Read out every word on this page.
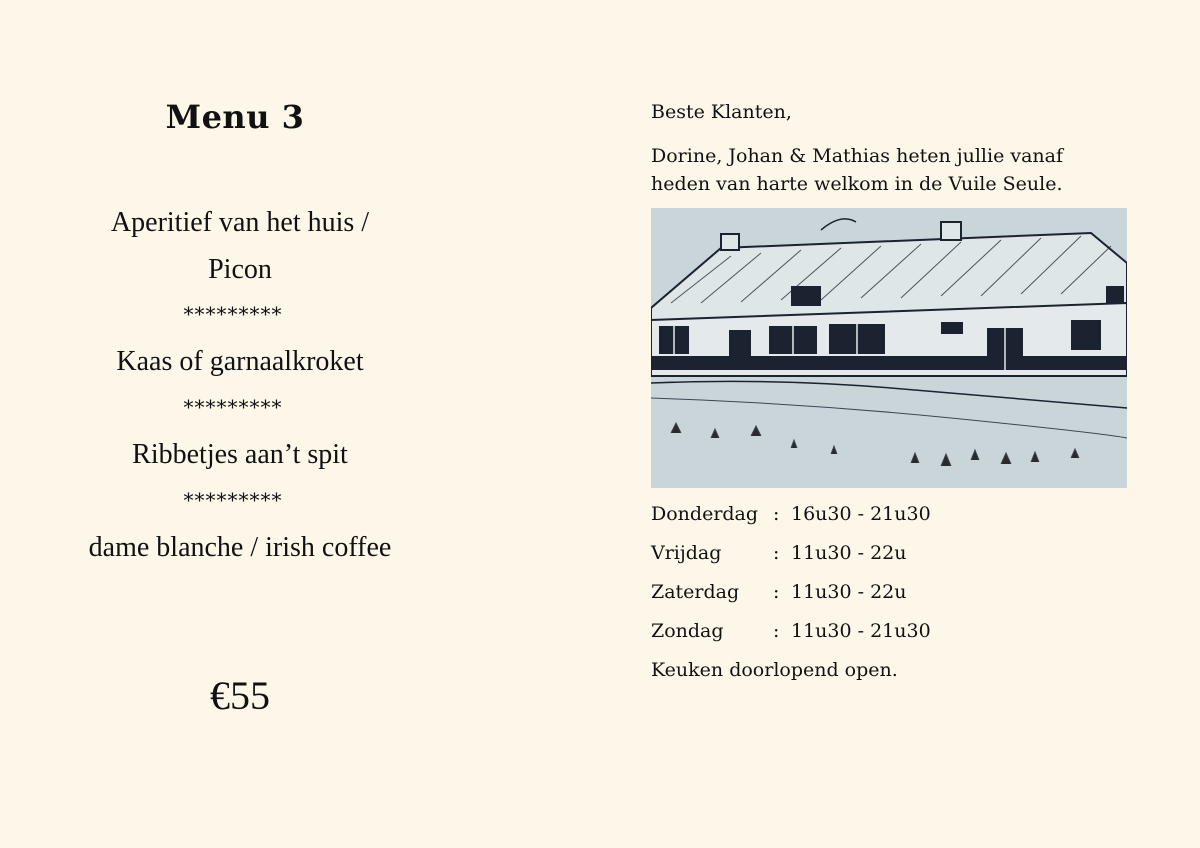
Menu 3
Aperitief van het huis /
Picon
*********
Kaas of garnaalkroket
*********
Ribbetjes aan’t spit
*********
dame blanche / irish coffee
€55
Beste Klanten,
Dorine, Johan & Mathias heten jullie vanaf
heden van harte welkom in de Vuile Seule.
Donderdag : 16u30 - 21u30
Vrijdag	: 11u30 - 22u
Zaterdag : 11u30 - 22u
Zondag	: 11u30 - 21u30
Keuken doorlopend open.
